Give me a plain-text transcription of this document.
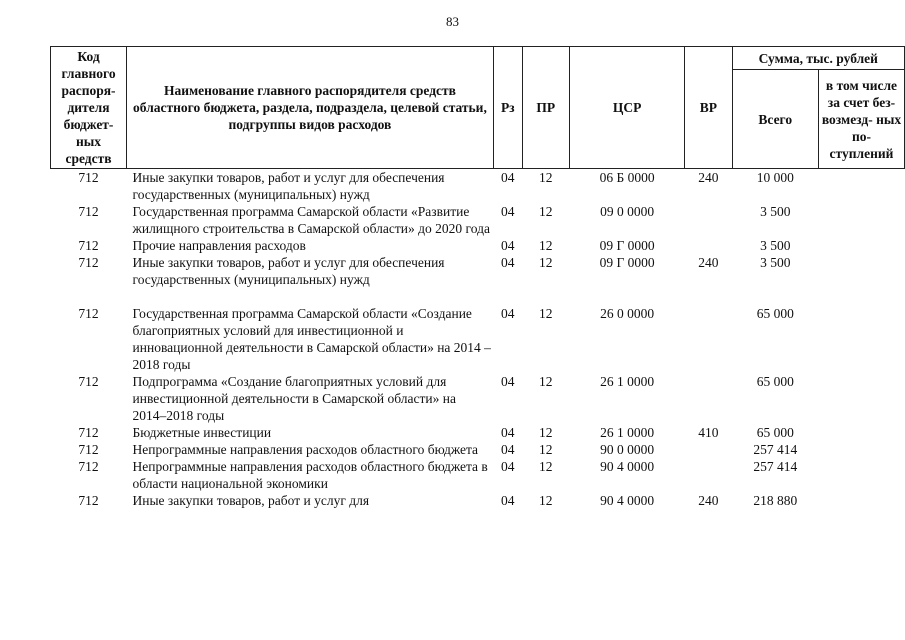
83
Код главного распоря- дителя бюджет- ных средств	Наименование главного распорядителя средств областного бюджета, раздела, подраздела, целевой статьи, подгруппы видов расходов	Рз	ПР	ЦСР	ВР	Сумма, тыс. рублей	
						Всего	в том числе за счет без- возмезд- ных по- ступлений
712	Иные закупки товаров, работ и услуг для обеспечения государственных (муниципальных) нужд	04	12	06 Б 0000	240	10 000	
712	Государственная программа Самарской области «Развитие жилищного строительства в Самарской области» до 2020 года	04	12	09 0 0000		3 500	
712	Прочие направления расходов	04	12	09 Г 0000		3 500	
712	Иные закупки товаров, работ и услуг для обеспечения государственных (муниципальных) нужд	04	12	09 Г 0000	240	3 500	
712	Государственная программа Самарской области «Создание благоприятных условий для инвестиционной и инновационной деятельности в Самарской области» на 2014 – 2018 годы	04	12	26 0 0000		65 000	
712	Подпрограмма «Создание благоприятных условий для инвестиционной деятельности в Самарской области» на 2014–2018 годы	04	12	26 1 0000		65 000	
712	Бюджетные инвестиции	04	12	26 1 0000	410	65 000	
712	Непрограммные направления расходов областного бюджета	04	12	90 0 0000		257 414	
712	Непрограммные направления расходов областного бюджета в области национальной экономики	04	12	90 4 0000		257 414	
712	Иные закупки товаров, работ и услуг для	04	12	90 4 0000	240	218 880	
